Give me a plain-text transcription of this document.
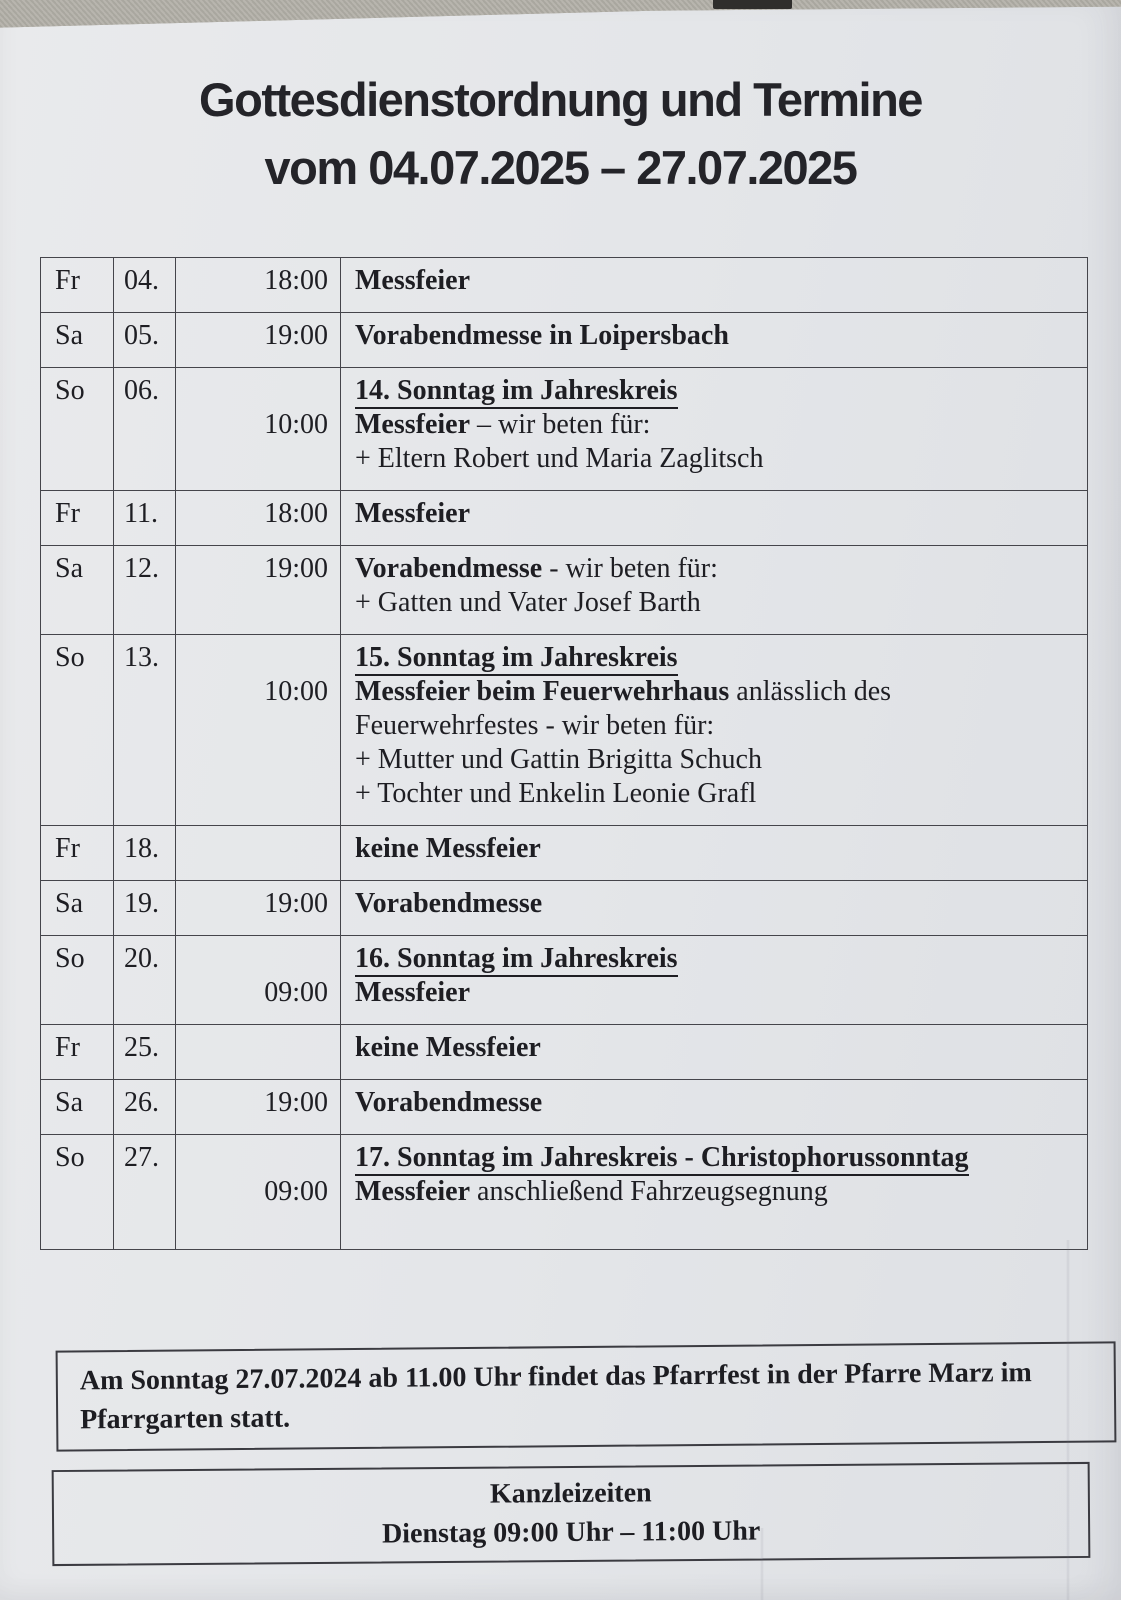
Gottesdienstordnung und Termine
vom 04.07.2025 – 27.07.2025
Fr	04.	18:00	Messfeier

Sa	05.	19:00	Vorabendmesse in Loipersbach

So	06.	10:00	14. Sonntag im Jahreskreis
Messfeier – wir beten für:
+ Eltern Robert und Maria Zaglitsch

Fr	11.	18:00	Messfeier

Sa	12.	19:00	Vorabendmesse - wir beten für:
+ Gatten und Vater Josef Barth

So	13.	10:00	15. Sonntag im Jahreskreis
Messfeier beim Feuerwehrhaus anlässlich des
Feuerwehrfestes - wir beten für:
+ Mutter und Gattin Brigitta Schuch
+ Tochter und Enkelin Leonie Grafl

Fr	18.		keine Messfeier

Sa	19.	19:00	Vorabendmesse

So	20.	09:00	16. Sonntag im Jahreskreis
Messfeier

Fr	25.		keine Messfeier

Sa	26.	19:00	Vorabendmesse

So	27.	09:00	17. Sonntag im Jahreskreis - Christophorussonntag
Messfeier anschließend Fahrzeugsegnung
Am Sonntag 27.07.2024 ab 11.00 Uhr findet das Pfarrfest in der Pfarre Marz im
Pfarrgarten statt.
Kanzleizeiten
Dienstag 09:00 Uhr – 11:00 Uhr
